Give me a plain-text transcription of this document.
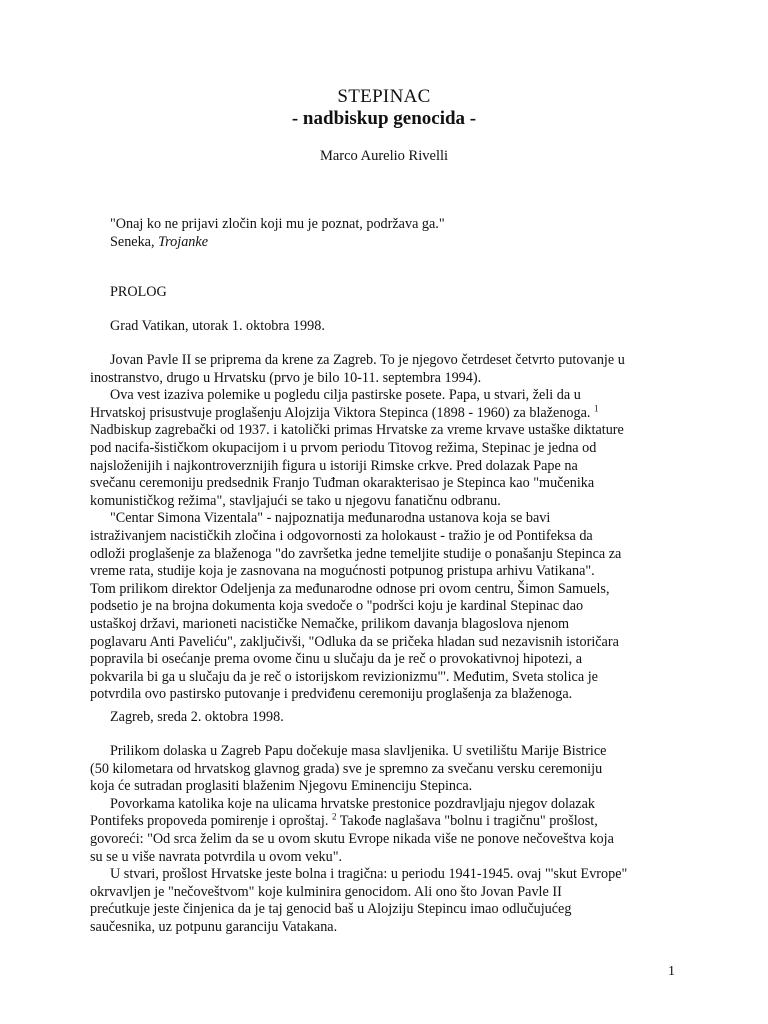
STEPINAC
- nadbiskup genocida -
Marco Aurelio Rivelli
"Onaj ko ne prijavi zločin koji mu je poznat, podržava ga."
Seneka, Trojanke
PROLOG
Grad Vatikan, utorak 1. oktobra 1998.
Jovan Pavle II se priprema da krene za Zagreb. To je njegovo četrdeset četvrto putovanje u
inostranstvo, drugo u Hrvatsku (prvo je bilo 10-11. septembra 1994).
Ova vest izaziva polemike u pogledu cilja pastirske posete. Papa, u stvari, želi da u
Hrvatskoj prisustvuje proglašenju Alojzija Viktora Stepinca (1898 - 1960) za blaženoga. $^1$
Nadbiskup zagrebački od 1937. i katolički primas Hrvatske za vreme krvave ustaške diktature
pod nacifa-šističkom okupacijom i u prvom periodu Titovog režima, Stepinac je jedna od
najsloženijih i najkontroverznijih figura u istoriji Rimske crkve. Pred dolazak Pape na
svečanu ceremoniju predsednik Franjo Tuđman okarakterisao je Stepinca kao "mučenika
komunističkog režima", stavljajući se tako u njegovu fanatičnu odbranu.
"Centar Simona Vizentala" - najpoznatija međunarodna ustanova koja se bavi
istraživanjem nacističkih zločina i odgovornosti za holokaust - tražio je od Pontifeksa da
odloži proglašenje za blaženoga "do završetka jedne temeljite studije o ponašanju Stepinca za
vreme rata, studije koja je zasnovana na mogućnosti potpunog pristupa arhivu Vatikana".
Tom prilikom direktor Odeljenja za međunarodne odnose pri ovom centru, Šimon Samuels,
podsetio je na brojna dokumenta koja svedoče o "podršci koju je kardinal Stepinac dao
ustaškoj državi, marioneti nacističke Nemačke, prilikom davanja blagoslova njenom
poglavaru Anti Paveliću", zaključivši, "Odluka da se pričeka hladan sud nezavisnih istoričara
popravila bi osećanje prema ovome činu u slučaju da je reč o provokativnoj hipotezi, a
pokvarila bi ga u slučaju da je reč o istorijskom revizionizmu"'. Međutim, Sveta stolica je
potvrdila ovo pastirsko putovanje i predviđenu ceremoniju proglašenja za blaženoga.
Zagreb, sreda 2. oktobra 1998.
Prilikom dolaska u Zagreb Papu dočekuje masa slavljenika. U svetilištu Marije Bistrice
(50 kilometara od hrvatskog glavnog grada) sve je spremno za svečanu versku ceremoniju
koja će sutradan proglasiti blaženim Njegovu Eminenciju Stepinca.
Povorkama katolika koje na ulicama hrvatske prestonice pozdravljaju njegov dolazak
Pontifeks propoveda pomirenje i oproštaj. $^2$ Takođe naglašava "bolnu i tragičnu" prošlost,
govoreći: "Od srca želim da se u ovom skutu Evrope nikada više ne ponove nečoveštva koja
su se u više navrata potvrdila u ovom veku".
U stvari, prošlost Hrvatske jeste bolna i tragična: u periodu 1941-1945. ovaj "'skut Evrope"
okrvavljen je "nečoveštvom" koje kulminira genocidom. Ali ono što Jovan Pavle II
prećutkuje jeste činjenica da je taj genocid baš u Alojziju Stepincu imao odlučujućeg
saučesnika, uz potpunu garanciju Vatakana.
1
